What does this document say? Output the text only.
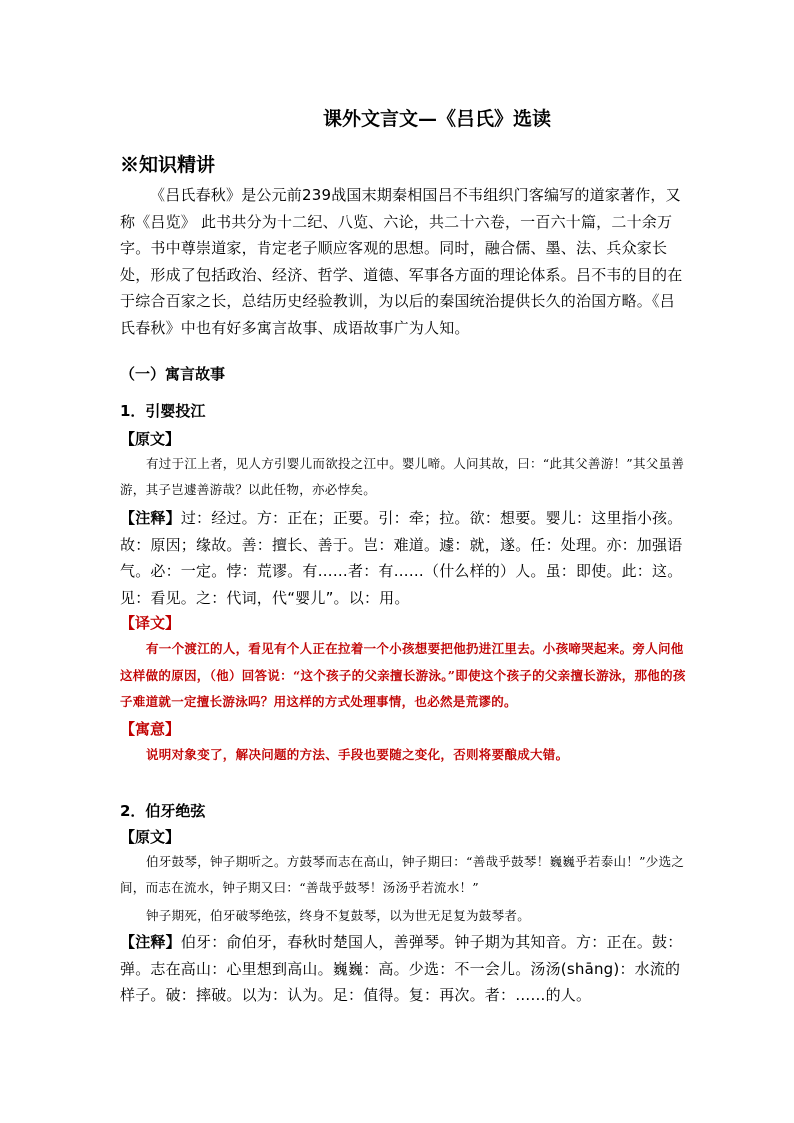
课外文言文—《吕氏》选读
※知识精讲
《吕氏春秋》是公元前239战国末期秦相国吕不韦组织门客编写的道家著作，又称《吕览》 此书共分为十二纪、八览、六论，共二十六卷，一百六十篇，二十余万字。书中尊崇道家，肯定老子顺应客观的思想。同时，融合儒、墨、法、兵众家长处，形成了包括政治、经济、哲学、道德、军事各方面的理论体系。吕不韦的目的在于综合百家之长，总结历史经验教训，为以后的秦国统治提供长久的治国方略。《吕氏春秋》中也有好多寓言故事、成语故事广为人知。
（一）寓言故事
1．引婴投江
【原文】
有过于江上者，见人方引婴儿而欲投之江中。婴儿啼。人问其故，曰：“此其父善游！”其父虽善游，其子岂遽善游哉？以此任物，亦必悖矣。
【注释】过：经过。方：正在；正要。引：牵；拉。欲：想要。婴儿：这里指小孩。故：原因；缘故。善：擅长、善于。岂：难道。遽：就，遂。任：处理。亦：加强语气。必：一定。悖：荒谬。有……者：有……（什么样的）人。虽：即使。此：这。见：看见。之：代词，代“婴儿”。以：用。
【译文】
有一个渡江的人，看见有个人正在拉着一个小孩想要把他扔进江里去。小孩啼哭起来。旁人问他这样做的原因，（他）回答说：“这个孩子的父亲擅长游泳。”即使这个孩子的父亲擅长游泳，那他的孩子难道就一定擅长游泳吗？用这样的方式处理事情，也必然是荒谬的。
【寓意】
说明对象变了，解决问题的方法、手段也要随之变化，否则将要酿成大错。
2．伯牙绝弦
【原文】
伯牙鼓琴，钟子期听之。方鼓琴而志在高山，钟子期曰：“善哉乎鼓琴！巍巍乎若泰山！”少选之间，而志在流水，钟子期又曰：“善哉乎鼓琴！汤汤乎若流水！”
钟子期死，伯牙破琴绝弦，终身不复鼓琴，以为世无足复为鼓琴者。
【注释】伯牙：俞伯牙，春秋时楚国人，善弹琴。钟子期为其知音。方：正在。鼓：弹。志在高山：心里想到高山。巍巍：高。少选：不一会儿。汤汤(shāng)：水流的样子。破：摔破。以为：认为。足：值得。复：再次。者：……的人。
